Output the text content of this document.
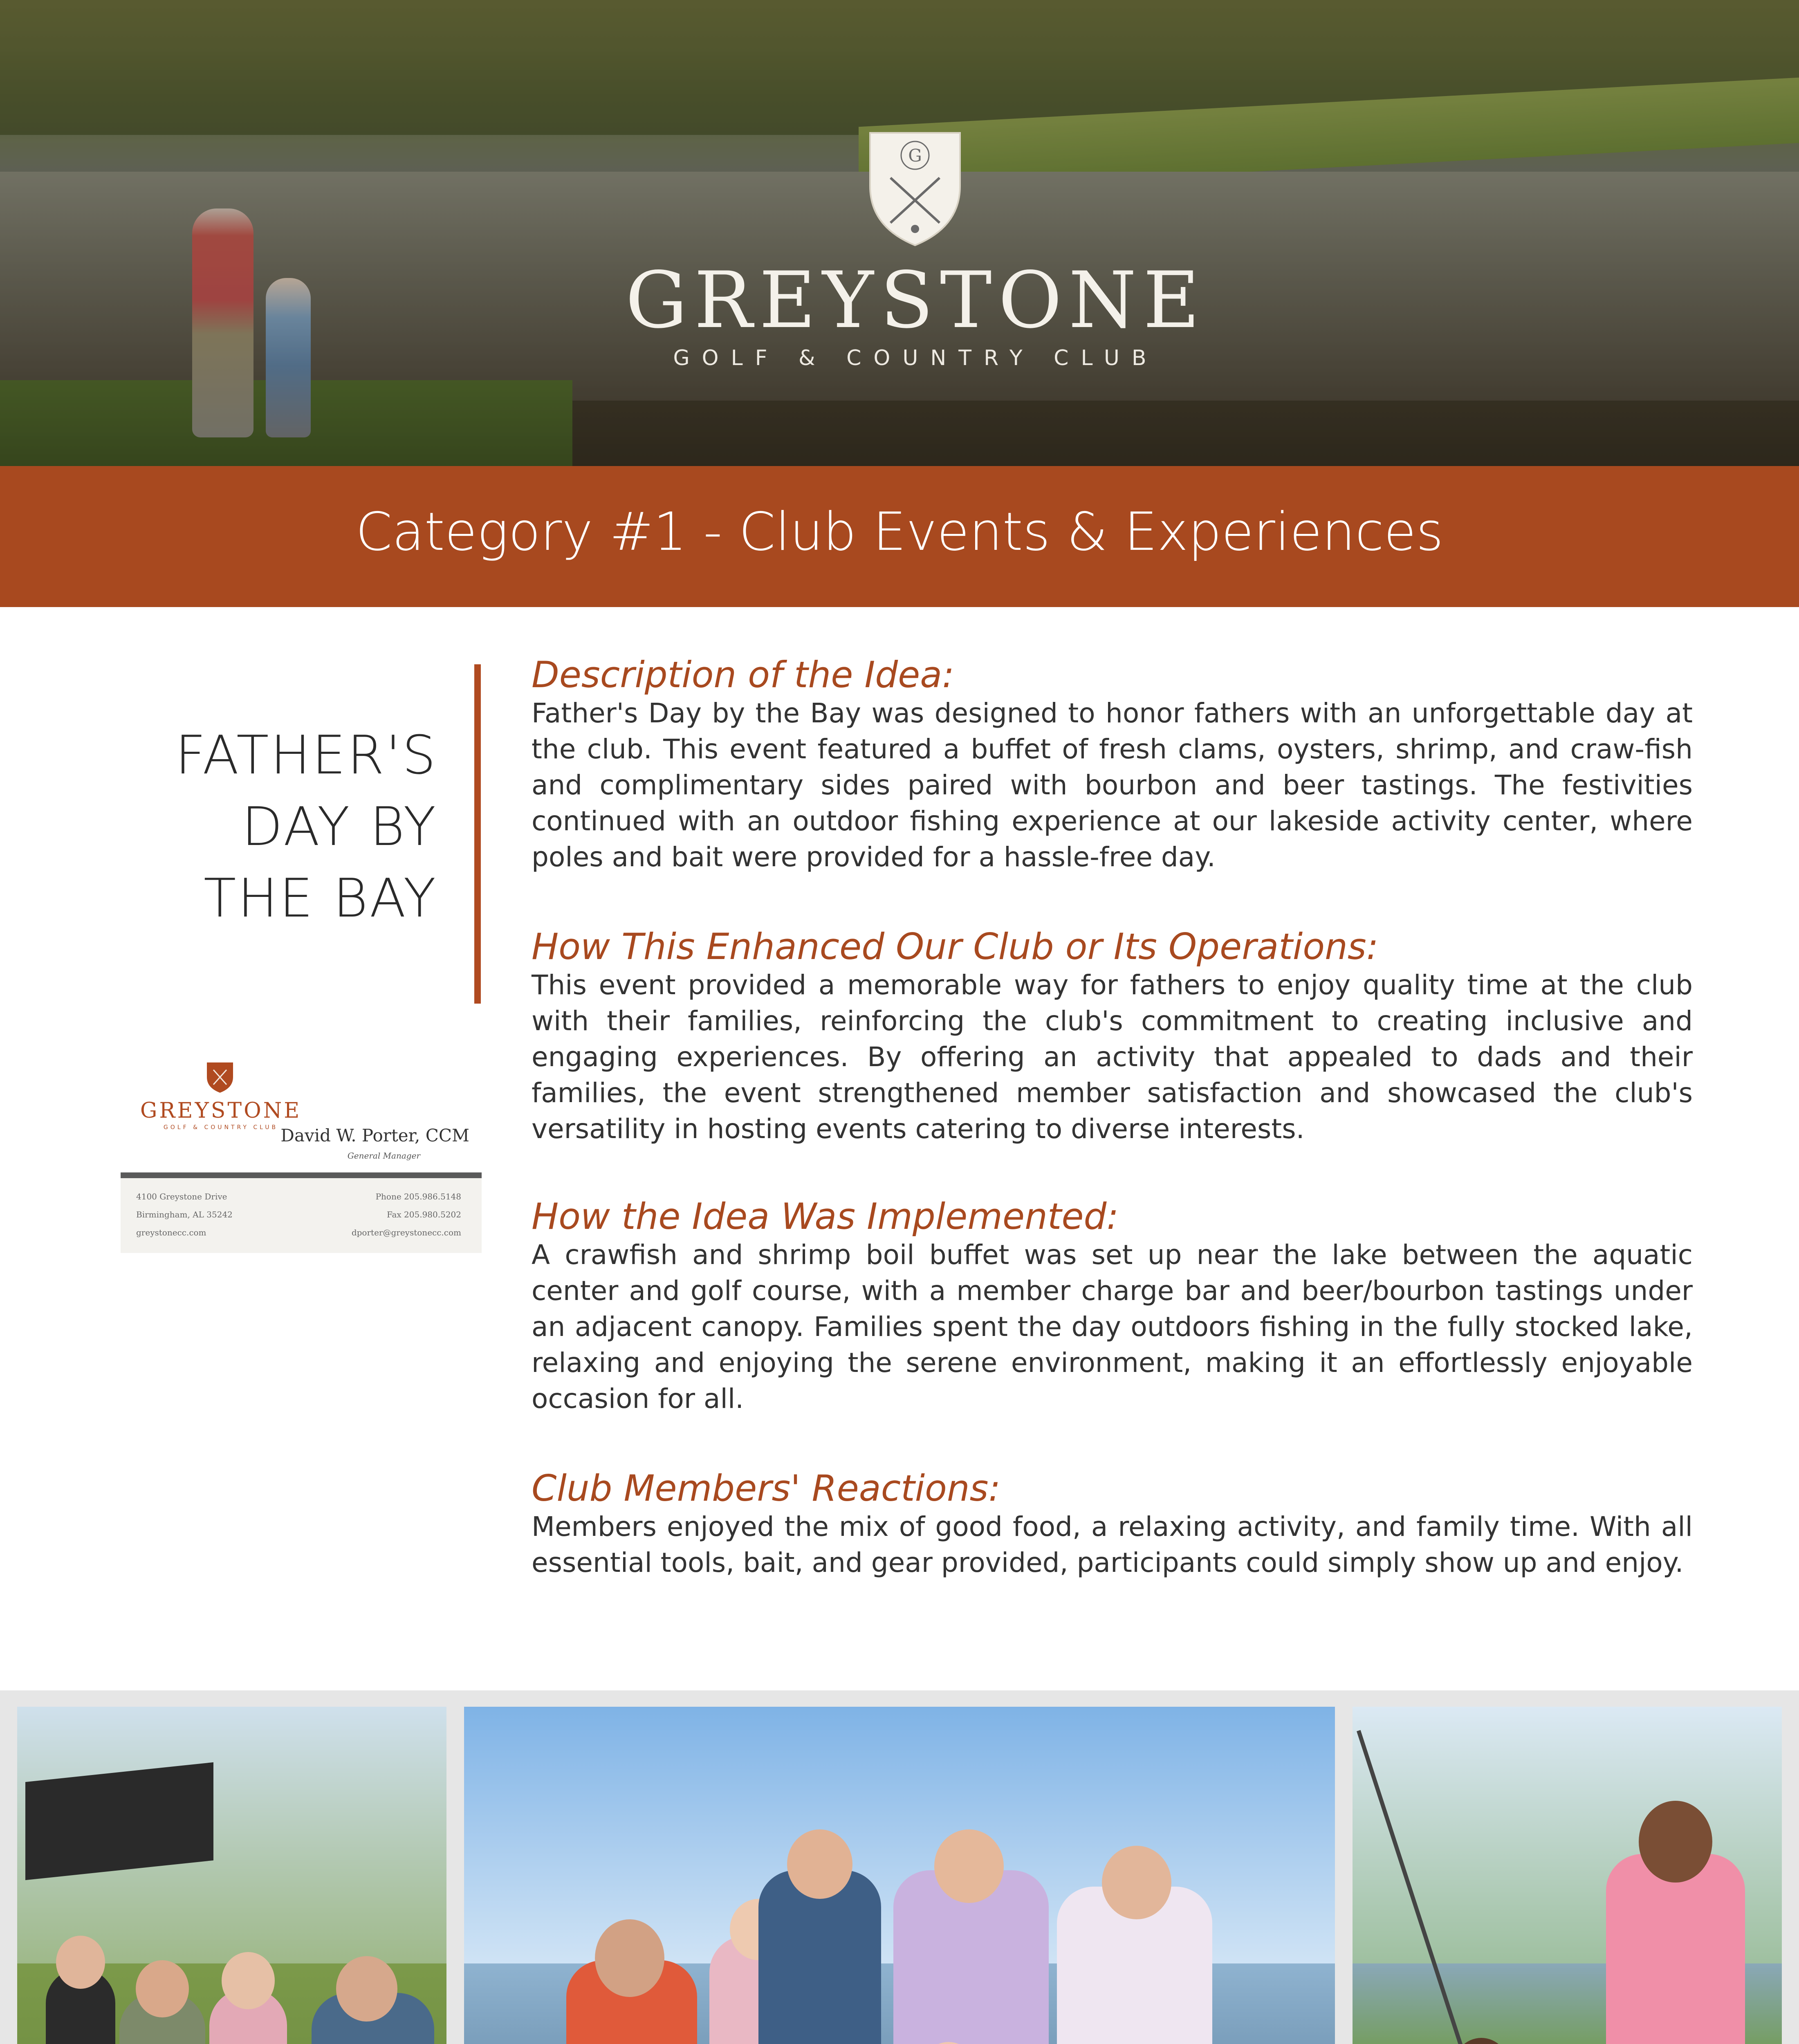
G
GREYSTONE
GOLF & COUNTRY CLUB
Category #1 - Club Events & Experiences
FATHER'S
DAY BY
THE BAY
GREYSTONE
GOLF & COUNTRY CLUB David W. Porter, CCM
General Manager
4100 Greystone Drive
Birmingham, AL 35242
greystonecc.com
Phone 205.986.5148
Fax 205.980.5202
dporter@greystonecc.com
Description of the Idea:

Father's Day by the Bay was designed to honor fathers with an unforgettable day at the club. This event featured a buffet of fresh clams, oysters, shrimp, and craw-fish and complimentary sides paired with bourbon and beer tastings. The festivities continued with an outdoor fishing experience at our lakeside activity center, where poles and bait were provided for a hassle-free day.

How This Enhanced Our Club or Its Operations:

This event provided a memorable way for fathers to enjoy quality time at the club with their families, reinforcing the club's commitment to creating inclusive and engaging experiences. By offering an activity that appealed to dads and their families, the event strengthened member satisfaction and showcased the club's versatility in hosting events catering to diverse interests.

How the Idea Was Implemented:

A crawfish and shrimp boil buffet was set up near the lake between the aquatic center and golf course, with a member charge bar and beer/bourbon tastings under an adjacent canopy. Families spent the day outdoors fishing in the fully stocked lake, relaxing and enjoying the serene environment, making it an effortlessly enjoyable occasion for all.

Club Members' Reactions:

Members enjoyed the mix of good food, a relaxing activity, and family time. With all essential tools, bait, and gear provided, participants could simply show up and enjoy.
